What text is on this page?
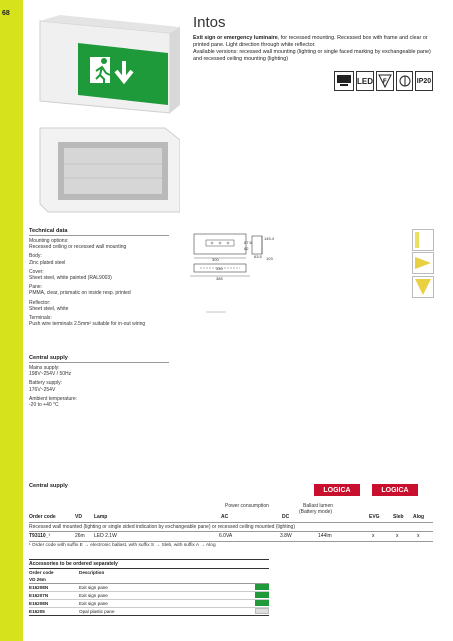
68
Intos
Exit sign or emergency luminaire, for recessed mounting. Recessed box with frame and clear or printed pane. Light direction through white reflector.
Available versions: recessed wall mounting (lighting or single faced marking by exchangeable pane) and recessed ceiling mounting (lighting)
LED F	IP20
Technical data
Mounting options:
Recessed ceiling or recessed wall mounting
Body:
Zinc plated steel
Cover:
Sheet steel, white painted (RAL9003)
Pane:
PMMA, clear, prismatic on inside resp. printed
Reflector:
Sheet steel, white
Terminals:
Push wire terminals 2.5mm² suitable for in-out wiring
145.4
67.5
82
103
63.5
300
330
385
Central supply
Mains supply:
198V~254V / 50Hz
Battery supply:
176V~254V
Ambient temperature:
-20 to +40 °C
Central supply
LOGICA	LOGICA
Power consumption	Ballast lumen
(Battery mode)
Order code	VD Lamp	AC	DC	EVG	Sleb Alog
Recessed wall mounted (lighting or single sided indication by exchangeable pane) or recessed ceiling mounted (lighting)
T93110_¹	26m LED 2.1W	6.0VA	3.8W	144lm	x	x	x
¹ Order code with suffix E → electronic ballast, with suffix S → Sleb, with suffix A → Alog
Accessories to be ordered separately
Order code	Description
VD 26m
E16208N	Exit sign pane
E16207N	Exit sign pane
E16208N	Exit sign pane
E16205	Opal plastic pane
